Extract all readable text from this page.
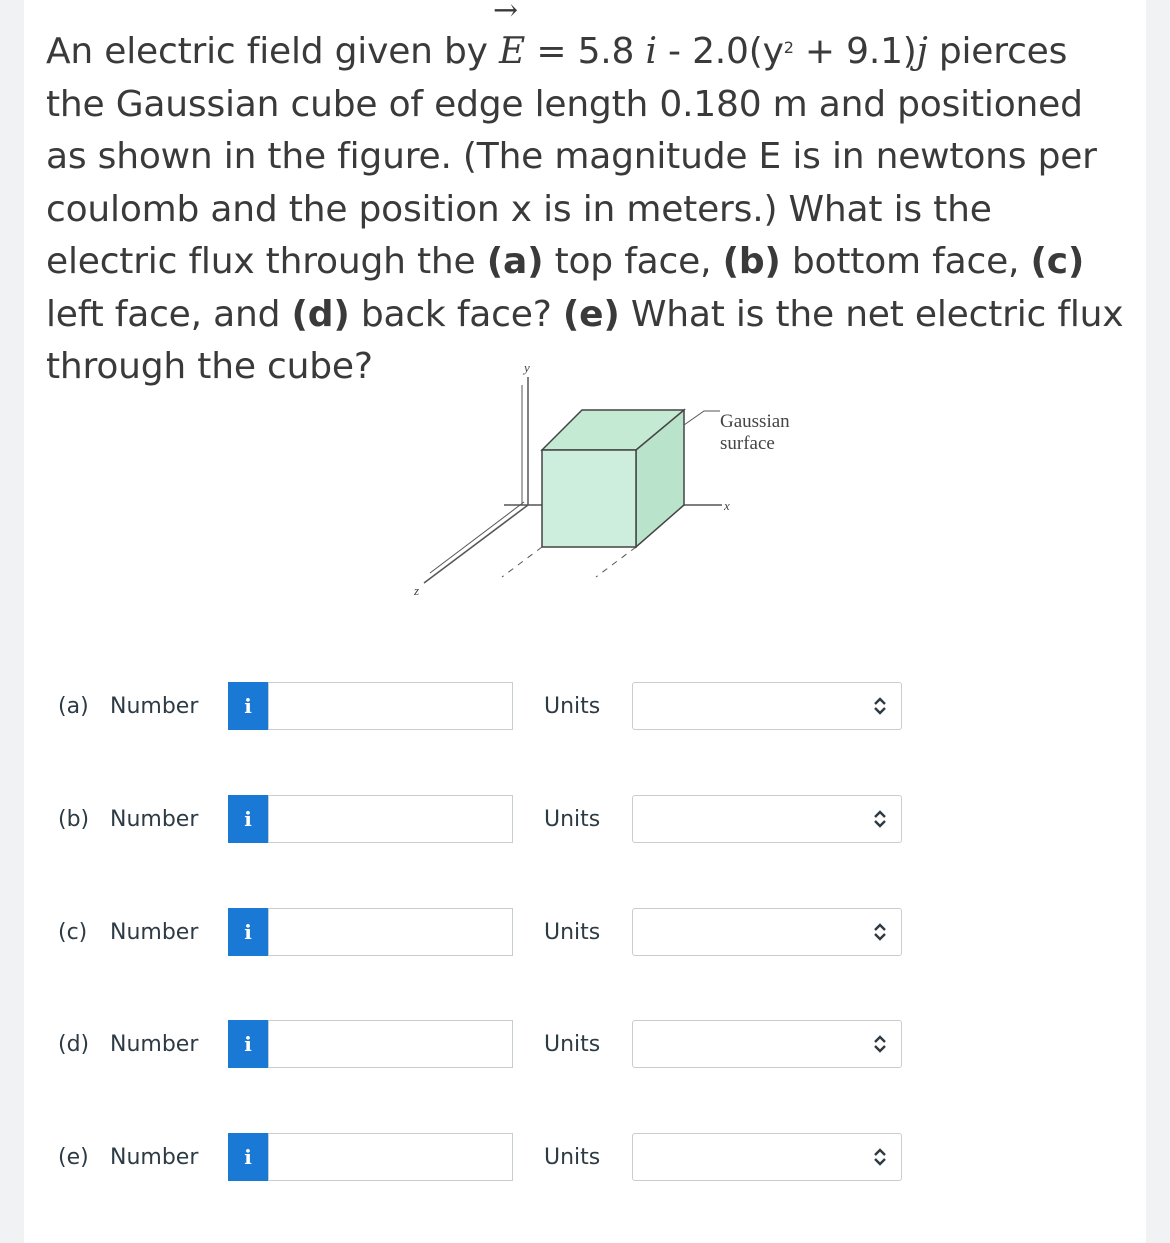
An electric field given by
→
E = 5.8 $i - 2.0(y^2 + 9.1)j$ pierces the Gaussian cube of edge length 0.180 m and positioned as shown in the figure. (The magnitude E is in newtons per coulomb and the position x is in meters.) What is the electric flux through the (a) top face, (b) bottom face, (c) left face, and (d) back face? (e) What is the net electric flux through the cube?	y
x
z
Gaussian
surface
(a) Number	i	Units
(b) Number	i	Units
(c) Number	i	Units
(d) Number	i	Units
(e) Number	i	Units
